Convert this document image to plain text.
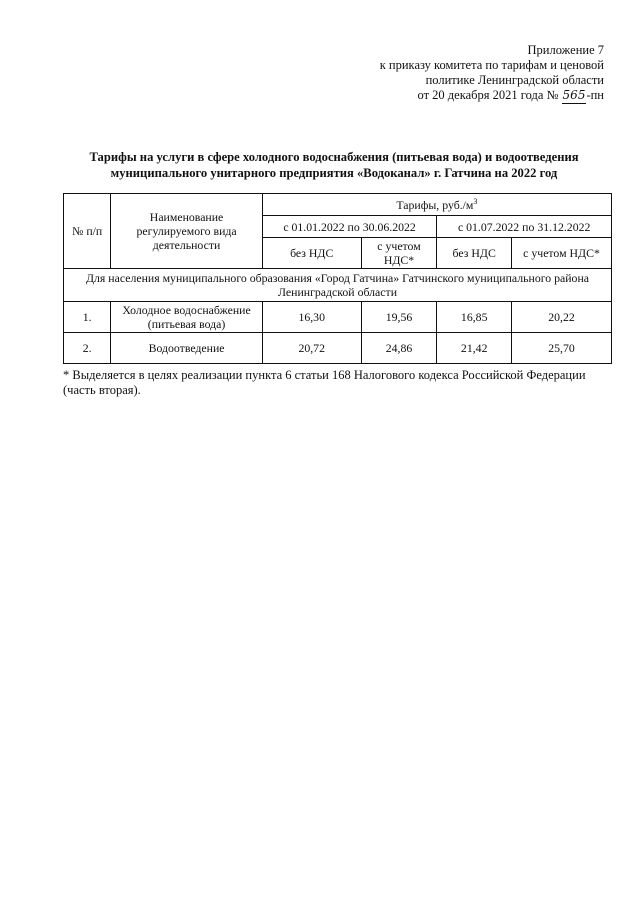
Приложение 7
к приказу комитета по тарифам и ценовой
политике Ленинградской области
от 20 декабря 2021 года № 565-пн
Тарифы на услуги в сфере холодного водоснабжения (питьевая вода) и водоотведения
муниципального унитарного предприятия «Водоканал» г. Гатчина на 2022 год
№ п/п	Наименование регулируемого вида деятельности	Тарифы, $руб./м^3$
		с 01.01.2022 по 30.06.2022		с 01.07.2022 по 31.12.2022	
		без НДС	с учетом НДС*	без НДС	с учетом НДС*
Для населения муниципального образования «Город Гатчина» Гатчинского муниципального района Ленинградской области					
1.	Холодное водоснабжение (питьевая вода)	16,30	19,56	16,85	20,22
2.	Водоотведение	20,72	24,86	21,42	25,70
* Выделяется в целях реализации пункта 6 статьи 168 Налогового кодекса Российской Федерации (часть вторая).
